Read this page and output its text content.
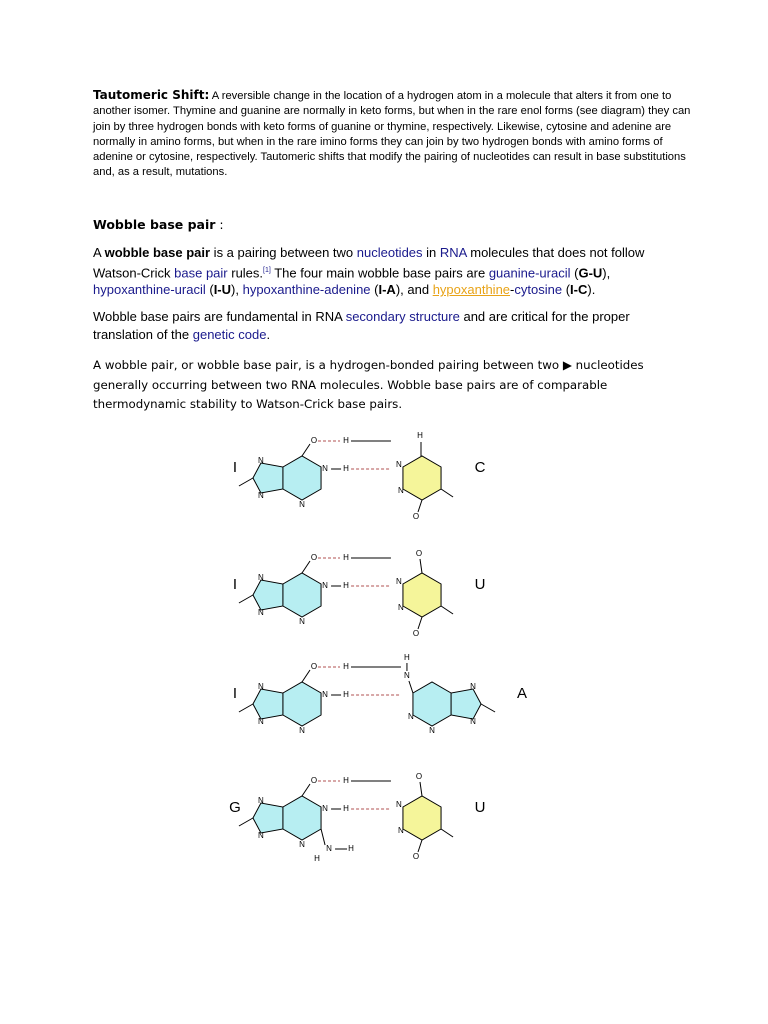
Tautomeric Shift: A reversible change in the location of a hydrogen atom in a molecule that alters it from one to another isomer. Thymine and guanine are normally in keto forms, but when in the rare enol forms (see diagram) they can join by three hydrogen bonds with keto forms of guanine or thymine, respectively. Likewise, cytosine and adenine are normally in amino forms, but when in the rare imino forms they can join by two hydrogen bonds with amino forms of adenine or cytosine, respectively. Tautomeric shifts that modify the pairing of nucleotides can result in base substitutions and, as a result, mutations.
Wobble base pair :
A wobble base pair is a pairing between two nucleotides in RNA molecules that does not follow Watson-Crick base pair rules.[1] The four main wobble base pairs are guanine-uracil (G-U), hypoxanthine-uracil (I-U), hypoxanthine-adenine (I-A), and hypoxanthine-cytosine (I-C).
Wobble base pairs are fundamental in RNA secondary structure and are critical for the proper translation of the genetic code.
A wobble pair, or wobble base pair, is a hydrogen-bonded pairing between two ▶ nucleotides generally occurring between two RNA molecules. Wobble base pairs are of comparable thermodynamic stability to Watson-Crick base pairs.
I
N
N
N
N
O
N
N
O
H
H
H	C
I
N
N
N
N
O
N
N
O
O
H
H	U
I
N
N
N
N
O
N
N
N
N
N
H
H
H	A
G
N
N
N
N
O
N H
H
N
N
O
O
H
H	U
